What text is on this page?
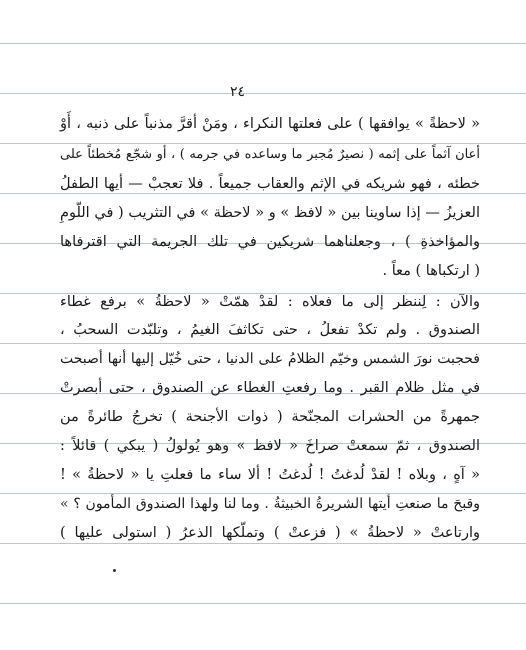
٢٤
« لاحظةً » يوافقها ) على فعلتها النكراء ، ومَنْ أقرَّ مذنباً على ذنبه ، أَوْ
أعان آثماً على إثمه ( نصيرٌ مُجبر ما وساعده في جرمه ) ، أو شجّع مُخطئاً على
خطئه ، فهو شريكه في الإثم والعقاب جميعاً . فلا تعجبْ — أيها الطفلُ
العزيزُ — إذا ساوينا بين « لافظ » و « لاحظة » في التثريب ( في اللّومِ
والمؤاخذةِ ) ، وجعلناهما شريكين في تلك الجريمة التي اقترفاها
( ارتكباها ) معاً .
والآن : لِننظر إلى ما فعلاه : لقدْ همّتْ « لاحظةُ » برفع غطاء
الصندوق . ولم تكدْ تفعلُ ، حتى تكاثفَ الغيمُ ، وتلبّدت السحبُ ،
فحجبت نورَ الشمس وخيّم الظلامُ على الدنيا ، حتى خُيّل إليها أنها أصبحت
في مثل ظلام القبر . وما رفعتِ الغطاء عن الصندوق ، حتى أبصرتْ
جمهرةً من الحشرات المجنّحة ( ذوات الأجنحة ) تخرجُ طائرةً من
الصندوق ، ثمّ سمعتْ صراخَ « لافظ » وهو يُولولُ ( يبكي ) قائلاً :
« آهٍ ، وبلاه ! لقدْ لُدغتُ ! لُدغتُ ! ألا ساء ما فعلتِ يا « لاحظةُ » !
وقبحَ ما صنعتِ أيتها الشريرةُ الخبيثةُ . وما لنا ولهذا الصندوق المأمون ؟ »
وارتاعتْ « لاحظةُ » ( فزعتْ ) وتملّكها الذعرُ ( استولى عليها )
